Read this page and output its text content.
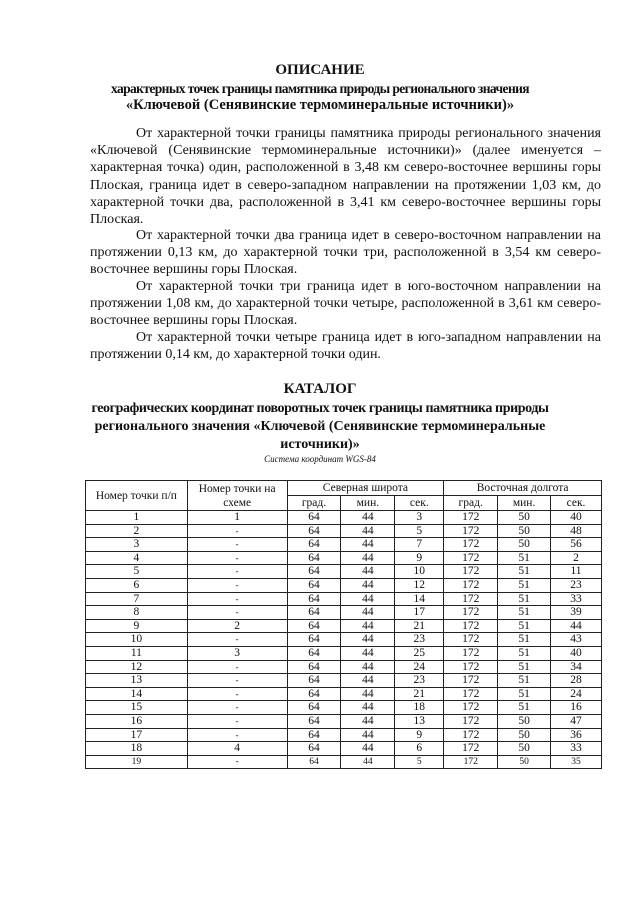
ОПИСАНИЕ
характерных точек границы памятника природы регионального значения
«Ключевой (Сенявинские термоминеральные источники)»

От характерной точки границы памятника природы регионального значения «Ключевой (Сенявинские термоминеральные источники)» (далее именуется – характерная точка) один, расположенной в 3,48 км северо-восточнее вершины горы Плоская, граница идет в северо-западном направлении на протяжении 1,03 км, до характерной точки два, расположенной в 3,41 км северо-восточнее вершины горы Плоская.

От характерной точки два граница идет в северо-восточном направлении на протяжении 0,13 км, до характерной точки три, расположенной в 3,54 км северо-восточнее вершины горы Плоская.

От характерной точки три граница идет в юго-восточном направлении на протяжении 1,08 км, до характерной точки четыре, расположенной в 3,61 км северо-восточнее вершины горы Плоская.

От характерной точки четыре граница идет в юго-западном направлении на протяжении 0,14 км, до характерной точки один.

КАТАЛОГ
географических координат поворотных точек границы памятника природы
регионального значения «Ключевой (Сенявинские термоминеральные
источники)»
Система координат WGS-84
Номер точки п/п	Номер точки на схеме	Северная широта			Восточная долгота		
		град.	мин.	сек.	град.	мин.	сек.
1	1	64	44	3	172	50	40
2	-	64	44	5	172	50	48
3	-	64	44	7	172	50	56
4	-	64	44	9	172	51	2
5	-	64	44	10	172	51	11
6	-	64	44	12	172	51	23
7	-	64	44	14	172	51	33
8	-	64	44	17	172	51	39
9	2	64	44	21	172	51	44
10	-	64	44	23	172	51	43
11	3	64	44	25	172	51	40
12	-	64	44	24	172	51	34
13	-	64	44	23	172	51	28
14	-	64	44	21	172	51	24
15	-	64	44	18	172	51	16
16	-	64	44	13	172	50	47
17	-	64	44	9	172	50	36
18	4	64	44	6	172	50	33
19	-	64	44	5	172	50	35
